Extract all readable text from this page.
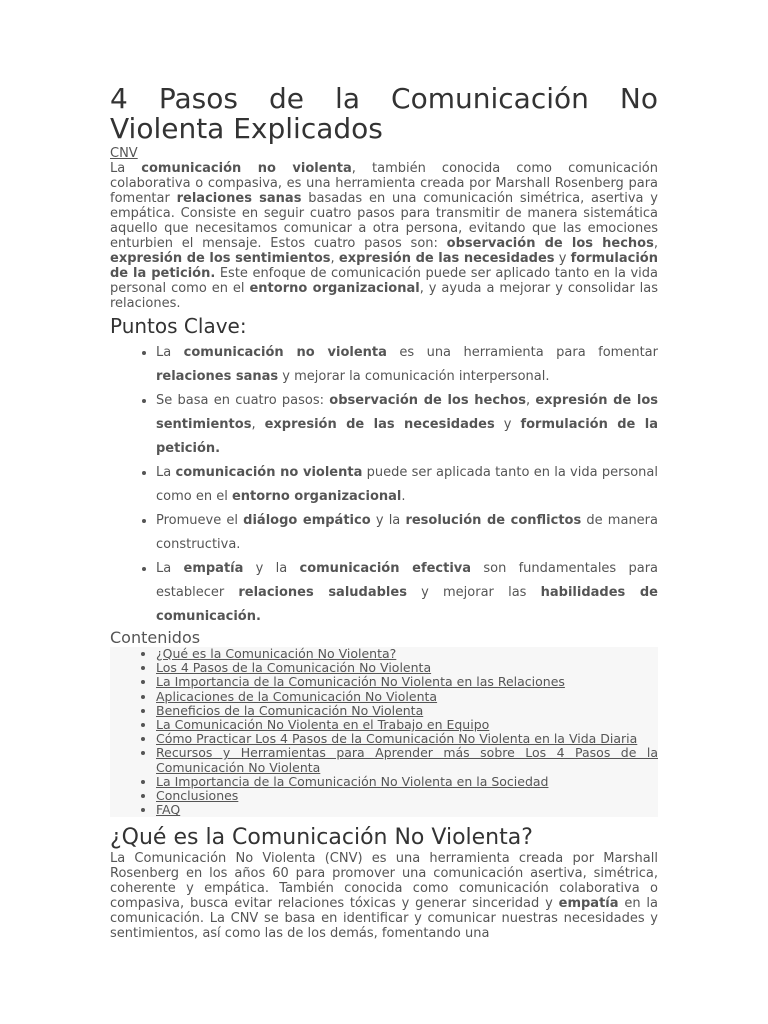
4 Pasos de la Comunicación No
Violenta Explicados
CNV

La comunicación no violenta, también conocida como comunicación colaborativa o compasiva, es una herramienta creada por Marshall Rosenberg para fomentar relaciones sanas basadas en una comunicación simétrica, asertiva y empática. Consiste en seguir cuatro pasos para transmitir de manera sistemática aquello que necesitamos comunicar a otra persona, evitando que las emociones enturbien el mensaje. Estos cuatro pasos son: observación de los hechos, expresión de los sentimientos, expresión de las necesidades y formulación de la petición. Este enfoque de comunicación puede ser aplicado tanto en la vida personal como en el entorno organizacional, y ayuda a mejorar y consolidar las relaciones.

Puntos Clave:
• La comunicación no violenta es una herramienta para fomentar relaciones sanas y mejorar la comunicación interpersonal.
• Se basa en cuatro pasos: observación de los hechos, expresión de los sentimientos, expresión de las necesidades y formulación de la petición.
• La comunicación no violenta puede ser aplicada tanto en la vida personal como en el entorno organizacional.
• Promueve el diálogo empático y la resolución de conflictos de manera constructiva.
• La empatía y la comunicación efectiva son fundamentales para establecer relaciones saludables y mejorar las habilidades de comunicación.
Contenidos
• ¿Qué es la Comunicación No Violenta?
• Los 4 Pasos de la Comunicación No Violenta
• La Importancia de la Comunicación No Violenta en las Relaciones
• Aplicaciones de la Comunicación No Violenta
• Beneficios de la Comunicación No Violenta
• La Comunicación No Violenta en el Trabajo en Equipo
• Cómo Practicar Los 4 Pasos de la Comunicación No Violenta en la Vida Diaria
• Recursos y Herramientas para Aprender más sobre Los 4 Pasos de la Comunicación No Violenta
• La Importancia de la Comunicación No Violenta en la Sociedad
• Conclusiones
• FAQ
¿Qué es la Comunicación No Violenta?

La Comunicación No Violenta (CNV) es una herramienta creada por Marshall Rosenberg en los años 60 para promover una comunicación asertiva, simétrica, coherente y empática. También conocida como comunicación colaborativa o compasiva, busca evitar relaciones tóxicas y generar sinceridad y empatía en la comunicación. La CNV se basa en identificar y comunicar nuestras necesidades y sentimientos, así como las de los demás, fomentando una
